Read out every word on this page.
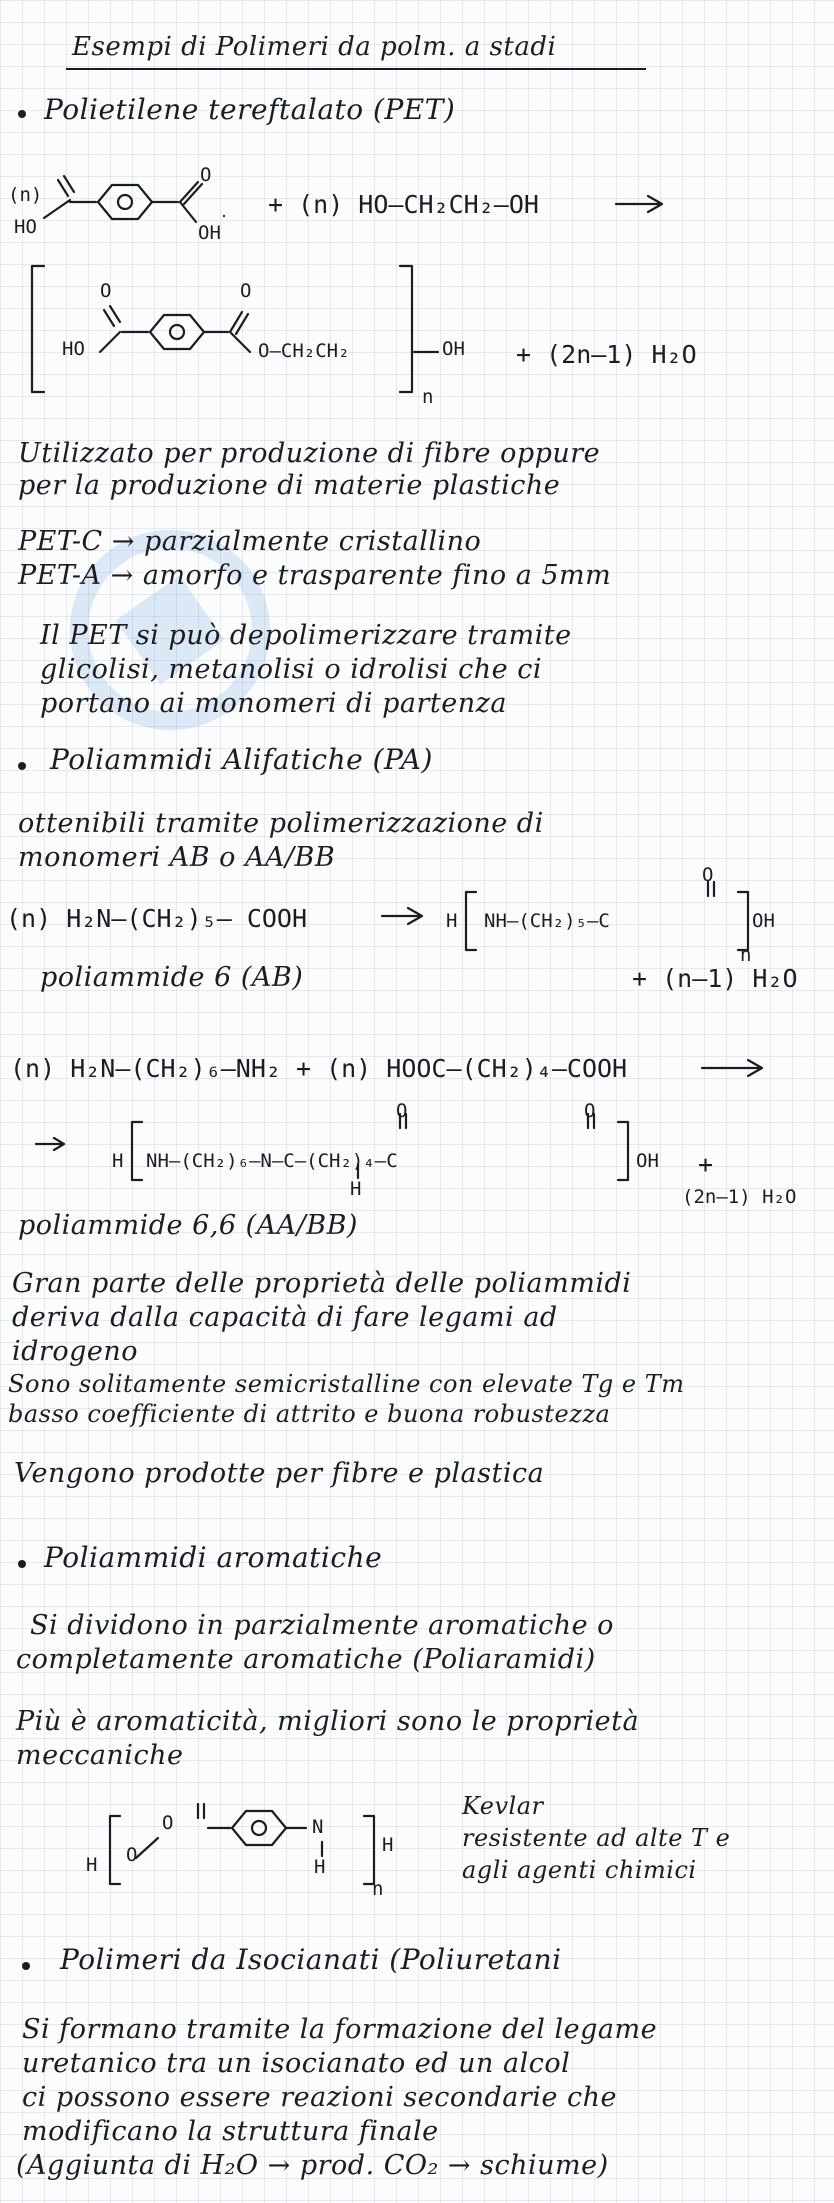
Esempi di Polimeri da polm. a stadi
Polietilene tereftalato (PET)
(n)
HO	OH
O
+ (n) HO–CH₂CH₂–OH
HO
O	O
O–CH₂CH₂	OH
n
+ (2n–1) H₂O
Utilizzato per produzione di fibre oppure
per la produzione di materie plastiche
PET-C → parzialmente cristallino
PET-A → amorfo e trasparente fino a 5mm
Il PET si può depolimerizzare tramite
glicolisi, metanolisi o idrolisi che ci
portano ai monomeri di partenza
Poliammidi Alifatiche (PA)
ottenibili tramite polimerizzazione di
monomeri AB o AA/BB
(n) H₂N–(CH₂)₅– COOH	H NH–(CH₂)₅–C
O
OH
n
poliammide 6 (AB)	+ (n–1) H₂O
(n) H₂N–(CH₂)₆–NH₂ + (n) HOOC–(CH₂)₄–COOH
H NH–(CH₂)₆–N–C–(CH₂)₄–C
O	O
H
OH +
(2n–1) H₂O
poliammide 6,6 (AA/BB)
Gran parte delle proprietà delle poliammidi
deriva dalla capacità di fare legami ad
idrogeno
Sono solitamente semicristalline con elevate Tg e Tm
basso coefficiente di attrito e buona robustezza
Vengono prodotte per fibre e plastica
Poliammidi aromatiche
Si dividono in parzialmente aromatiche o
completamente aromatiche (Poliaramidi)
Più è aromaticità, migliori sono le proprietà
meccaniche
H O
O	N
H
H
n
Kevlar
resistente ad alte T e
agli agenti chimici
Polimeri da Isocianati (Poliuretani
Si formano tramite la formazione del legame
uretanico tra un isocianato ed un alcol
ci possono essere reazioni secondarie che
modificano la struttura finale
(Aggiunta di H₂O → prod. CO₂ → schiume)
